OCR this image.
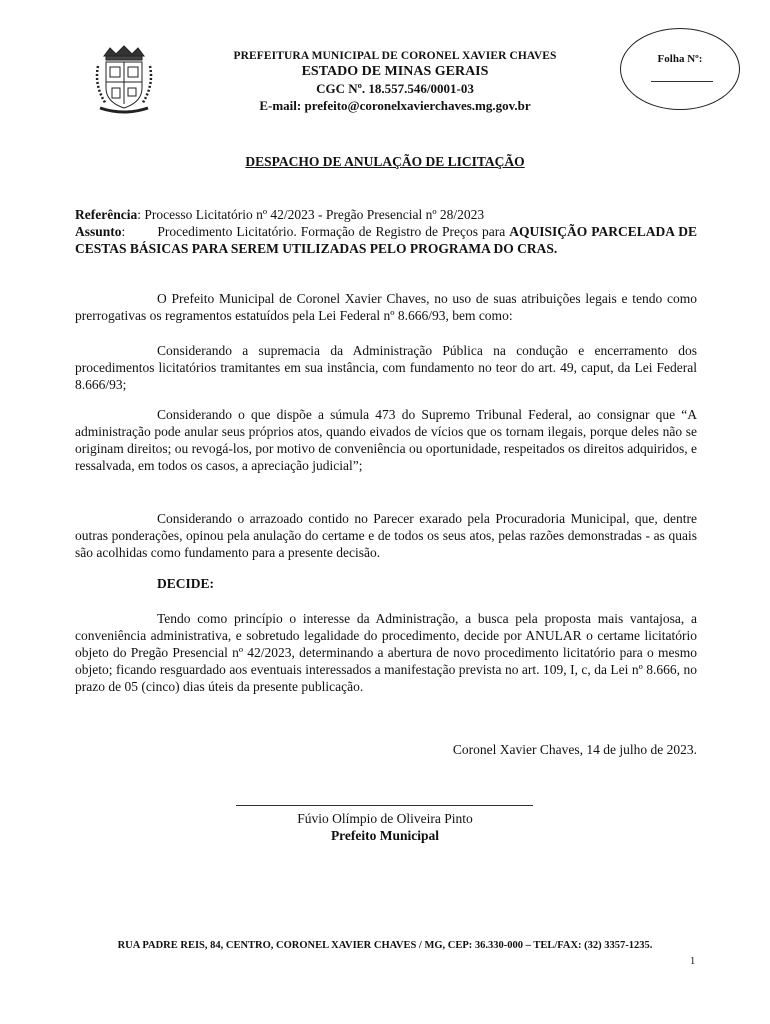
PREFEITURA MUNICIPAL DE CORONEL XAVIER CHAVES
ESTADO DE MINAS GERAIS
CGC Nº. 18.557.546/0001-03
E-mail: prefeito@coronelxavierchaves.mg.gov.br
Folha Nº:
DESPACHO DE ANULAÇÃO DE LICITAÇÃO
Referência: Processo Licitatório nº 42/2023 - Pregão Presencial nº 28/2023
Assunto:        Procedimento Licitatório. Formação de Registro de Preços para AQUISIÇÃO PARCELADA DE CESTAS BÁSICAS PARA SEREM UTILIZADAS PELO PROGRAMA DO CRAS.
O Prefeito Municipal de Coronel Xavier Chaves, no uso de suas atribuições legais e tendo como prerrogativas os regramentos estatuídos pela Lei Federal nº 8.666/93, bem como:
Considerando a supremacia da Administração Pública na condução e encerramento dos procedimentos licitatórios tramitantes em sua instância, com fundamento no teor do art. 49, caput, da Lei Federal 8.666/93;
Considerando o que dispõe a súmula 473 do Supremo Tribunal Federal, ao consignar que “A administração pode anular seus próprios atos, quando eivados de vícios que os tornam ilegais, porque deles não se originam direitos; ou revogá-los, por motivo de conveniência ou oportunidade, respeitados os direitos adquiridos, e ressalvada, em todos os casos, a apreciação judicial”;
Considerando o arrazoado contido no Parecer exarado pela Procuradoria Municipal, que, dentre outras ponderações, opinou pela anulação do certame e de todos os seus atos, pelas razões demonstradas - as quais são acolhidas como fundamento para a presente decisão.
DECIDE:
Tendo como princípio o interesse da Administração, a busca pela proposta mais vantajosa, a conveniência administrativa, e sobretudo legalidade do procedimento, decide por ANULAR o certame licitatório objeto do Pregão Presencial nº 42/2023, determinando a abertura de novo procedimento licitatório para o mesmo objeto; ficando resguardado aos eventuais interessados a manifestação prevista no art. 109, I, c, da Lei nº 8.666, no prazo de 05 (cinco) dias úteis da presente publicação.
Coronel Xavier Chaves, 14 de julho de 2023.
Fúvio Olímpio de Oliveira Pinto
Prefeito Municipal
RUA PADRE REIS, 84, CENTRO, CORONEL XAVIER CHAVES / MG, CEP: 36.330-000 – TEL/FAX: (32) 3357-1235.
1
